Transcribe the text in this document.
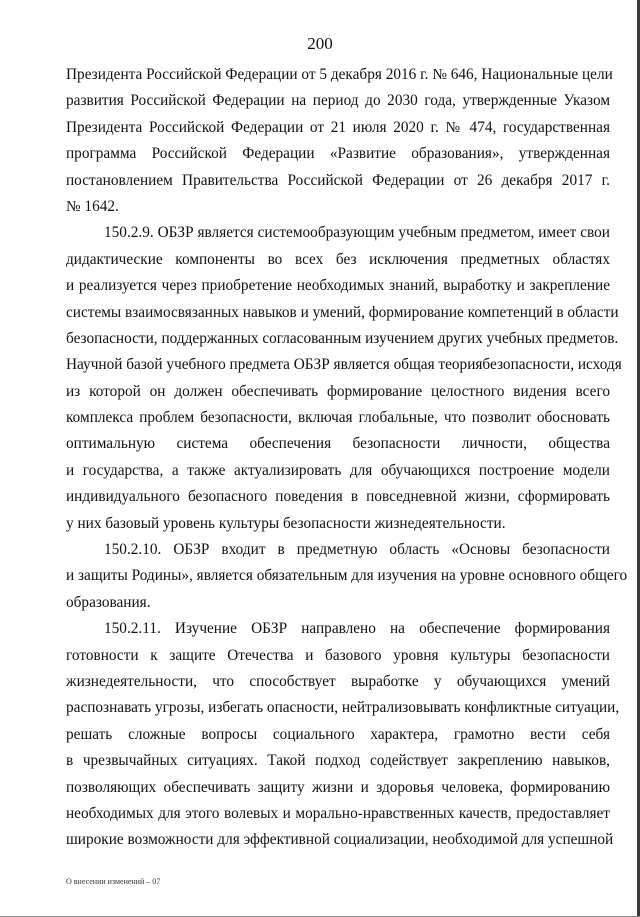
200
Президента Российской Федерации от 5 декабря 2016 г. № 646, Национальные цели
развития Российской Федерации на период до 2030 года, утвержденные Указом
Президента Российской Федерации от 21 июля 2020 г. № 474, государственная
программа Российской Федерации «Развитие образования», утвержденная
постановлением Правительства Российской Федерации от 26 декабря 2017 г.
№ 1642.
150.2.9. ОБЗР является системообразующим учебным предметом, имеет свои
дидактические компоненты во всех без исключения предметных областях
и реализуется через приобретение необходимых знаний, выработку и закрепление
системы взаимосвязанных навыков и умений, формирование компетенций в области
безопасности, поддержанных согласованным изучением других учебных предметов.
Научной базой учебного предмета ОБЗР является общая теориябезопасности, исходя
из которой он должен обеспечивать формирование целостного видения всего
комплекса проблем безопасности, включая глобальные, что позволит обосновать
оптимальную система обеспечения безопасности личности, общества
и государства, а также актуализировать для обучающихся построение модели
индивидуального безопасного поведения в повседневной жизни, сформировать
у них базовый уровень культуры безопасности жизнедеятельности.
150.2.10. ОБЗР входит в предметную область «Основы безопасности
и защиты Родины», является обязательным для изучения на уровне основного общего
образования.
150.2.11. Изучение ОБЗР направлено на обеспечение формирования
готовности к защите Отечества и базового уровня культуры безопасности
жизнедеятельности, что способствует выработке у обучающихся умений
распознавать угрозы, избегать опасности, нейтрализовывать конфликтные ситуации,
решать сложные вопросы социального характера, грамотно вести себя
в чрезвычайных ситуациях. Такой подход содействует закреплению навыков,
позволяющих обеспечивать защиту жизни и здоровья человека, формированию
необходимых для этого волевых и морально-нравственных качеств, предоставляет
широкие возможности для эффективной социализации, необходимой для успешной
О внесении изменений – 07
